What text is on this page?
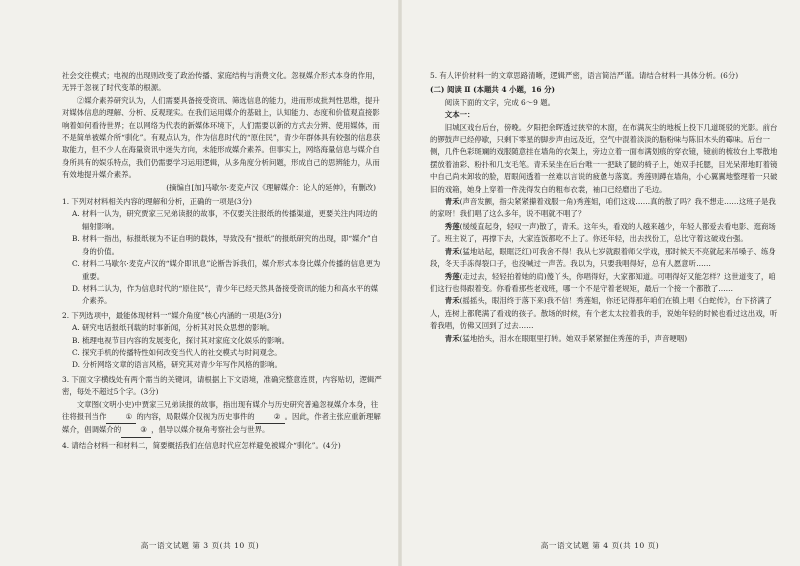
社会交往模式；电视的出现则改变了政治传播、家庭结构与消费文化。忽视媒介形式本身的作用，无异于忽视了时代变革的根源。

②媒介素养研究认为，人们需要具备接受资讯、筛选信息的能力，进而形成批判性思维，提升对媒体信息的理解、分析、反观现实。在我们运用媒介的基础上，认知能力、态度和价值观直接影响着如何看待世界；在以网络为代表的新媒体环境下，人们需要以新的方式去分辨、使用媒体，而不是简单被媒介所“驯化”。有观点认为，作为信息时代的“原住民”，青少年群体具有较强的信息获取能力，但不少人在海量资讯中迷失方向，未能形成媒介素养。但事实上，网络海量信息与媒介自身所具有的娱乐特点，我们仍需要学习运用逻辑，从多角度分析问题，形成自己的思辨能力，从而有效地提升媒介素养。

(摘编自[加]马歇尔·麦克卢汉《理解媒介：论人的延伸》，有删改)

1. 下列对材料相关内容的理解和分析，正确的一项是(3分)

A. 材料一认为，研究贾家三兄弟读报的故事，不仅要关注报纸的传播渠道，更要关注内同边的辐射影响。

B. 材料一指出，标报纸视为不证自明的载体，导致没有“报纸”的报纸研究的出现，即“媒介”自身的价值。

C. 材料二马歇尔·麦克卢汉的“媒介即讯息”论断告诉我们，媒介形式本身比媒介传播的信息更为重要。

D. 材料二认为，作为信息时代的“原住民”，青少年已经天然具备接受资讯的能力和高水平的媒介素养。

2. 下列选项中，最能体现材料一“媒介角度”核心内涵的一项是(3分)

A. 研究电话报纸刊载的时事新闻，分析其对民众思想的影响。

B. 梳理电视节目内容的发展变化，探讨其对家庭文化娱乐的影响。

C. 探究手机的传播特性如何改变当代人的社交模式与时间观念。

D. 分析网络文章的语言风格，研究其对青少年写作风格的影响。

3. 下面文字横线处有两个需当的关键词，请根据上下文语境，准确完整意连贯，内容贴切，逻辑严密，每处不超过5个字。(3分)

文章图(文明小史)中贾家三兄弟读报的故事，指出现有媒介与历史研究普遍忽视媒介本身，往往将报刊当作	① 的内容，局限媒介仅视为历史事件的	② 。因此，作者主张应重新理解媒介，倡调媒介的	③ ，倡导以媒介视角考察社会与世界。

4. 请结合材料一和材料二，简要概括我们在信息时代应怎样避免被媒介“驯化”。(4分)

高一语文试题 第 3 页(共 10 页)

5. 有人评价材料一的文章思路清晰，逻辑严密，语言简洁严谨。请结合材料一具体分析。(6分)

(二) 阅读 Ⅱ (本题共 4 小题，16 分)

阅读下面的文字，完成 6～9 题。

文本一：

旧城区戏台后台，傍晚。夕阳把余晖透过狭窄的木窗，在布满灰尘的地板上投下几道斑驳的光影。前台的锣鼓声已经停歇，只剩下零星的脚步声由远及近，空气中混着淡淡的脂粉味与陈旧木头的霉味。后台一侧，几件色彩斑斓的戏服随意挂在墙角的衣架上，旁边立着一面布满划痕的穿衣镜，镜前的梳妆台上零散地摆放着油彩、粉扑和几支毛笔。青禾呆坐在后台唯一一把缺了腿的椅子上，她双手托腮，目光呆滞地盯着镜中自己尚未卸妆的脸，眉眼间透着一丝难以言说的疲惫与落寞。秀莲则蹲在墙角，小心翼翼地整理着一只破旧的戏箱，她身上穿着一件洗得发白的粗布衣裳，袖口已经磨出了毛边。

青禾(声音发颤，指尖紧紧攥着戏服一角)秀莲姐，咱们这戏……真的散了吗？我不想走……这班子是我的家呀！我们唱了这么多年，说不唱就不唱了？

秀莲(缓缓直起身，轻叹一声)散了，青禾。这年头，看戏的人越来越少，年轻人都爱去看电影、逛商场了。班主说了，再撑下去，大家连饭都吃不上了。你还年轻，出去找份工，总比守着这破戏台强。

青禾(猛地站起，眼眶泛红)可我舍不得！我从七岁就跟着师父学戏，那时候天不亮就起来吊嗓子、练身段，冬天手冻得裂口子，也没喊过一声苦。我以为，只要我唱得好，总有人愿意听……

秀莲(走过去，轻轻拍着她的肩)傻丫头，你唱得好，大家都知道。可唱得好又能怎样？这世道变了，咱们这行也得跟着变。你看看那些老戏班，哪一个不是守着老规矩，最后一个接一个都散了……

青禾(摇摇头，眼泪终于落下来)我不信！秀莲姐，你还记得那年咱们在镇上唱《白蛇传》，台下挤满了人，连树上都爬满了看戏的孩子。散场的时候，有个老太太拉着我的手，说她年轻的时候也看过这出戏，听着我唱，仿佛又回到了过去……

青禾(猛地抬头，泪水在眼眶里打转。她双手紧紧握住秀莲的手，声音哽咽)

高一语文试题 第 4 页(共 10 页)
